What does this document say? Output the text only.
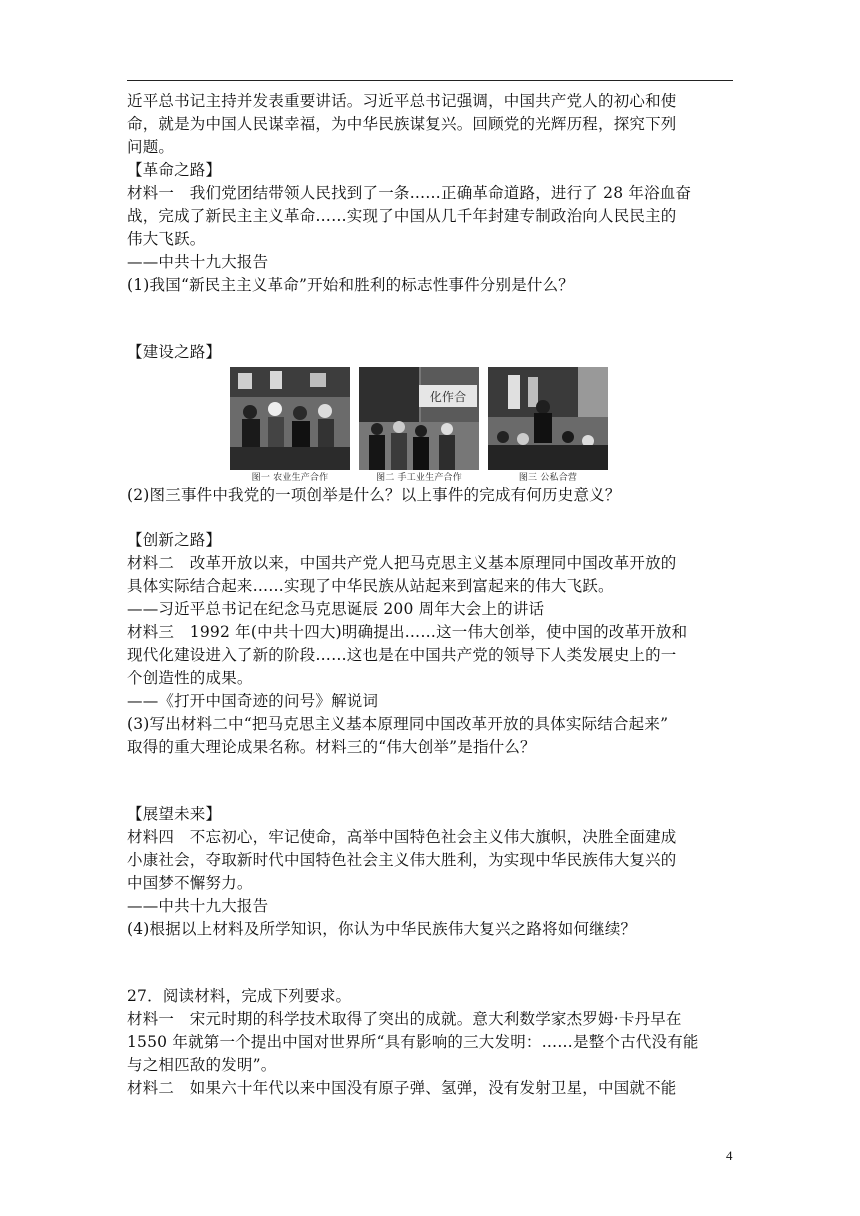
近平总书记主持并发表重要讲话。习近平总书记强调，中国共产党人的初心和使
命，就是为中国人民谋幸福，为中华民族谋复兴。回顾党的光辉历程，探究下列
问题。
【革命之路】
材料一　我们党团结带领人民找到了一条……正确革命道路，进行了 28 年浴血奋
战，完成了新民主主义革命……实现了中国从几千年封建专制政治向人民民主的
伟大飞跃。
——中共十九大报告
(1)我国“新民主主义革命”开始和胜利的标志性事件分别是什么？
【建设之路】
图一 农业生产合作
化作合
图二 手工业生产合作	图三 公私合营
(2)图三事件中我党的一项创举是什么？以上事件的完成有何历史意义？
【创新之路】
材料二　改革开放以来，中国共产党人把马克思主义基本原理同中国改革开放的
具体实际结合起来……实现了中华民族从站起来到富起来的伟大飞跃。
——习近平总书记在纪念马克思诞辰 200 周年大会上的讲话
材料三　1992 年(中共十四大)明确提出……这一伟大创举，使中国的改革开放和
现代化建设进入了新的阶段……这也是在中国共产党的领导下人类发展史上的一
个创造性的成果。
——《打开中国奇迹的问号》解说词
(3)写出材料二中“把马克思主义基本原理同中国改革开放的具体实际结合起来”
取得的重大理论成果名称。材料三的“伟大创举”是指什么？
【展望未来】
材料四　不忘初心，牢记使命，高举中国特色社会主义伟大旗帜，决胜全面建成
小康社会，夺取新时代中国特色社会主义伟大胜利，为实现中华民族伟大复兴的
中国梦不懈努力。
——中共十九大报告
(4)根据以上材料及所学知识，你认为中华民族伟大复兴之路将如何继续？
27．阅读材料，完成下列要求。
材料一　宋元时期的科学技术取得了突出的成就。意大利数学家杰罗姆·卡丹早在
1550 年就第一个提出中国对世界所“具有影响的三大发明：……是整个古代没有能
与之相匹敌的发明”。
材料二　如果六十年代以来中国没有原子弹、氢弹，没有发射卫星，中国就不能
4
